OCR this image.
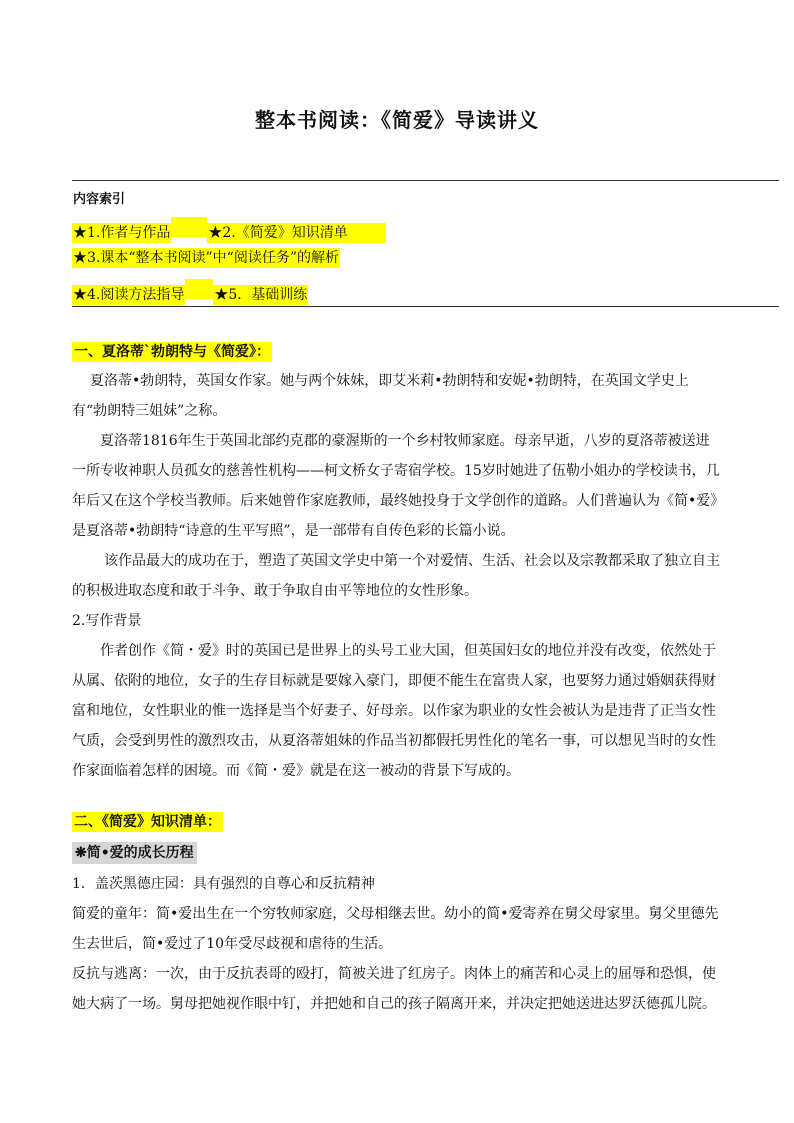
整本书阅读：《简爱》导读讲义
内容索引
★1.作者与作品	★2.《简爱》知识清单
★3.课本“整本书阅读”中“阅读任务”的解析
★4.阅读方法指导 ★5．基础训练
一、夏洛蒂`勃朗特与《简爱》：

夏洛蒂•勃朗特，英国女作家。她与两个妹妹，即艾米莉•勃朗特和安妮•勃朗特，在英国文学史上有“勃朗特三姐妹”之称。

夏洛蒂1816年生于英国北部约克郡的豪渥斯的一个乡村牧师家庭。母亲早逝，八岁的夏洛蒂被送进一所专收神职人员孤女的慈善性机构——柯文桥女子寄宿学校。15岁时她进了伍勒小姐办的学校读书，几年后又在这个学校当教师。后来她曾作家庭教师，最终她投身于文学创作的道路。人们普遍认为《简•爱》是夏洛蒂•勃朗特“诗意的生平写照”，是一部带有自传色彩的长篇小说。

该作品最大的成功在于，塑造了英国文学史中第一个对爱情、生活、社会以及宗教都采取了独立自主的积极进取态度和敢于斗争、敢于争取自由平等地位的女性形象。

2.写作背景

作者创作《简・爱》时的英国已是世界上的头号工业大国，但英国妇女的地位并没有改变，依然处于从属、依附的地位，女子的生存目标就是要嫁入豪门，即便不能生在富贵人家，也要努力通过婚姻获得财富和地位，女性职业的惟一选择是当个好妻子、好母亲。以作家为职业的女性会被认为是违背了正当女性气质，会受到男性的激烈攻击，从夏洛蒂姐妹的作品当初都假托男性化的笔名一事，可以想见当时的女性作家面临着怎样的困境。而《简・爱》就是在这一被动的背景下写成的。

二、《简爱》知识清单：
❋简•爱的成长历程

1．盖茨黑德庄园：具有强烈的自尊心和反抗精神

简爱的童年：简•爱出生在一个穷牧师家庭，父母相继去世。幼小的简•爱寄养在舅父母家里。舅父里德先生去世后，简•爱过了10年受尽歧视和虐待的生活。

反抗与逃离：一次，由于反抗表哥的殴打，简被关进了红房子。肉体上的痛苦和心灵上的屈辱和恐惧，使她大病了一场。舅母把她视作眼中钉，并把她和自己的孩子隔离开来，并决定把她送进达罗沃德孤儿院。
